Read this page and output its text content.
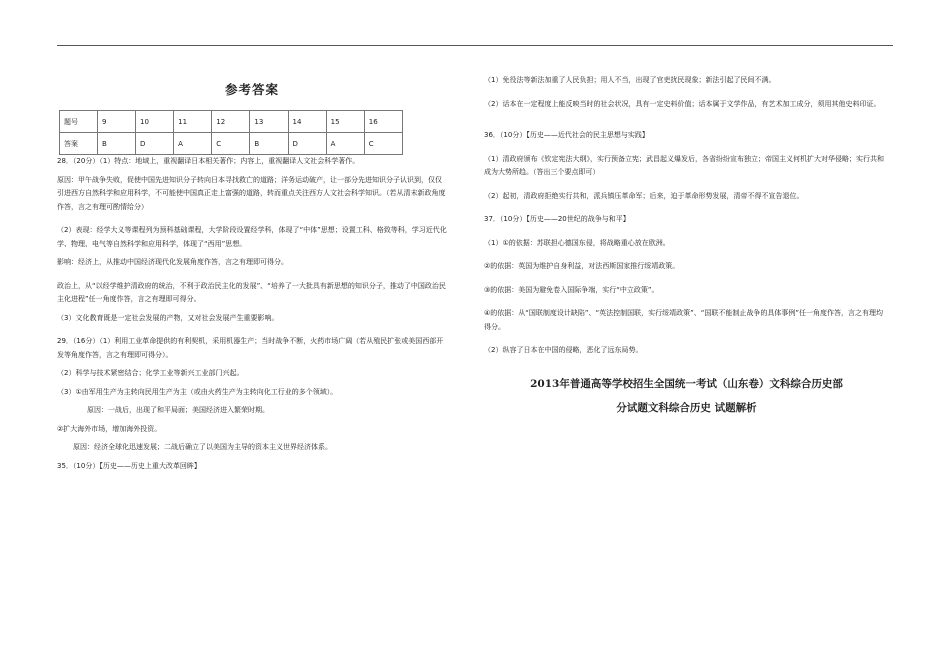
参考答案
题号	9	10	11	12	13	14	15	16
答案	B	D	A	C	B	D	A	C

28．（20分）（1）特点：地域上，重视翻译日本相关著作；内容上，重视翻译人文社会科学著作。

原因：甲午战争失败，促使中国先进知识分子转向日本寻找救亡的道路；洋务运动破产，让一部分先进知识分子认识到，仅仅引进西方自然科学和应用科学，不可能使中国真正走上富强的道路，转而重点关注西方人文社会科学知识。（若从清末新政角度作答，言之有理可酌情给分）

（2）表现：经学大义等课程列为预科基础课程，大学阶段设置经学科，体现了“中体”思想；设置工科、格致等科，学习近代化学、物理、电气等自然科学和应用科学，体现了“西用”思想。

影响：经济上，从推动中国经济现代化发展角度作答，言之有理即可得分。

政治上，从“以经学维护清政府的统治，不利于政治民主化的发展”、“培养了一大批具有新思想的知识分子，推动了中国政治民主化进程”任一角度作答，言之有理即可得分。

（3）文化教育既是一定社会发展的产物，又对社会发展产生重要影响。

29．（16分）（1）利用工业革命提供的有利契机，采用机器生产；当时战争不断，火药市场广阔（若从殖民扩张或美国西部开发等角度作答，言之有理即可得分）。

（2）科学与技术紧密结合；化学工业等新兴工业部门兴起。

（3）①由军用生产为主转向民用生产为主（或由火药生产为主转向化工行业的多个领域）。

原因：一战后，出现了和平局面；美国经济进入繁荣时期。

②扩大海外市场，增加海外投资。

原因：经济全球化迅速发展；二战后确立了以美国为主导的资本主义世界经济体系。

35．（10分）【历史——历史上重大改革回眸】

（1）免役法等新法加重了人民负担；用人不当，出现了官吏扰民现象；新法引起了民间不满。

（2）话本在一定程度上能反映当时的社会状况，具有一定史料价值；话本属于文学作品，有艺术加工成分，须用其他史料印证。

36．（10分）【历史——近代社会的民主思想与实践】

（1）清政府颁布《钦定宪法大纲》，实行预备立宪；武昌起义爆发后，各省纷纷宣布独立；帝国主义何机扩大对华侵略；实行共和成为大势所趋。（答出三个要点即可）

（2）起初，清政府拒绝实行共和，派兵镇压革命军；后来，迫于革命形势发展，清帝不得不宣告退位。

37．（10分）【历史——20世纪的战争与和平】

（1）①的依据：苏联担心德国东侵，将战略重心放在欧洲。

②的依据：英国为维护自身利益，对法西斯国家推行绥靖政策。

③的依据：美国为避免卷入国际争端，实行“中立政策”。

④的依据：从“国联制度设计缺陷”、“英法控制国联，实行绥靖政策”、“国联不能制止战争的具体事例”任一角度作答，言之有理均得分。

（2）纵容了日本在中国的侵略，恶化了远东局势。

2013年普通高等学校招生全国统一考试（山东卷）文科综合历史部
分试题文科综合历史 试题解析
